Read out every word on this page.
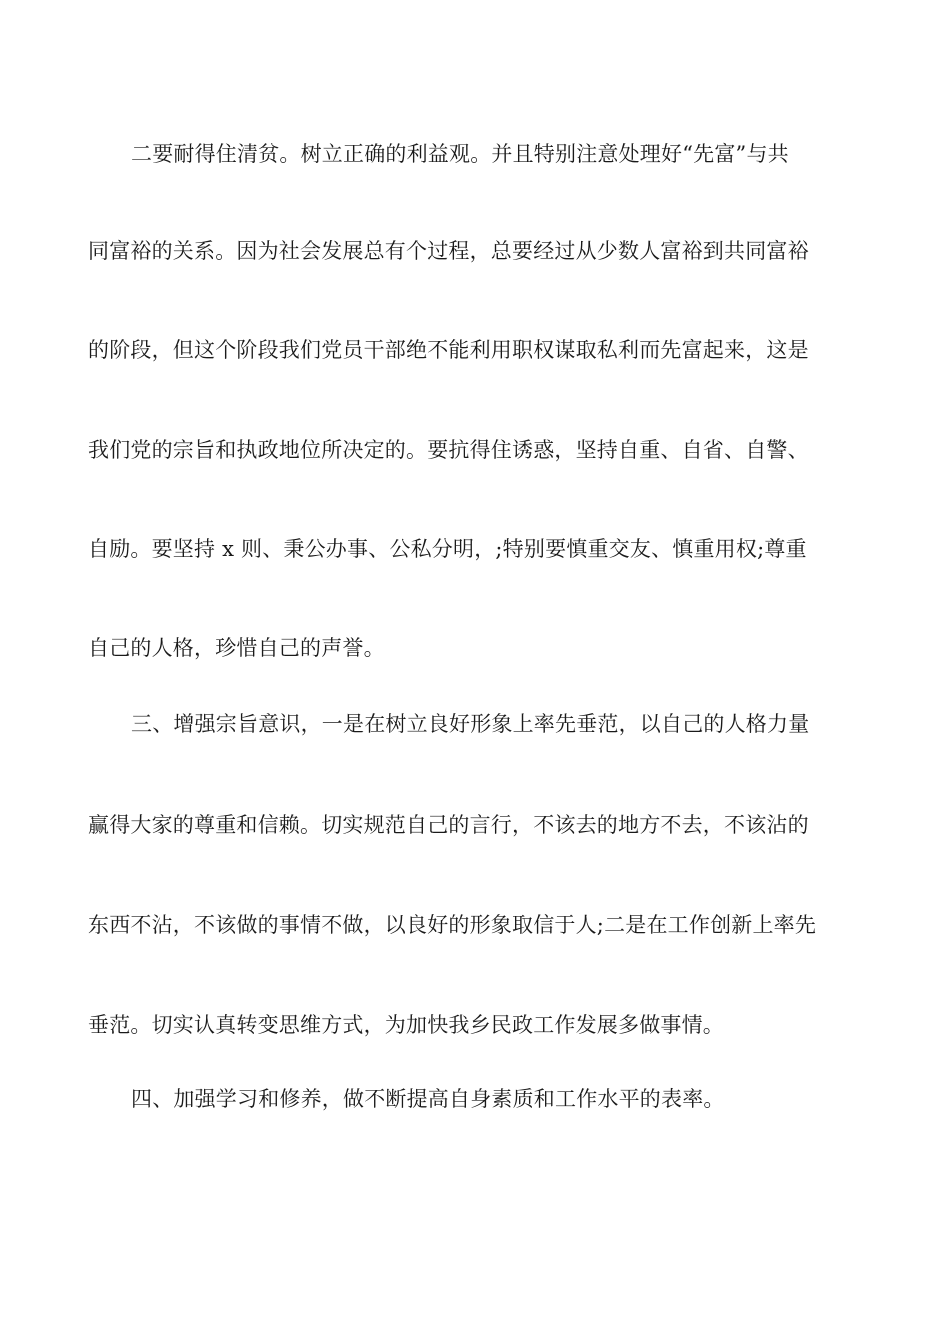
二要耐得住清贫。树立正确的利益观。并且特别注意处理好“先富”与共
同富裕的关系。因为社会发展总有个过程，总要经过从少数人富裕到共同富裕
的阶段，但这个阶段我们党员干部绝不能利用职权谋取私利而先富起来，这是
我们党的宗旨和执政地位所决定的。要抗得住诱惑，坚持自重、自省、自警、
自励。要坚持 x 则、秉公办事、公私分明，;特别要慎重交友、慎重用权;尊重
自己的人格，珍惜自己的声誉。
三、增强宗旨意识，一是在树立良好形象上率先垂范，以自己的人格力量
赢得大家的尊重和信赖。切实规范自己的言行，不该去的地方不去，不该沾的
东西不沾，不该做的事情不做，以良好的形象取信于人;二是在工作创新上率先
垂范。切实认真转变思维方式，为加快我乡民政工作发展多做事情。
四、加强学习和修养，做不断提高自身素质和工作水平的表率。
